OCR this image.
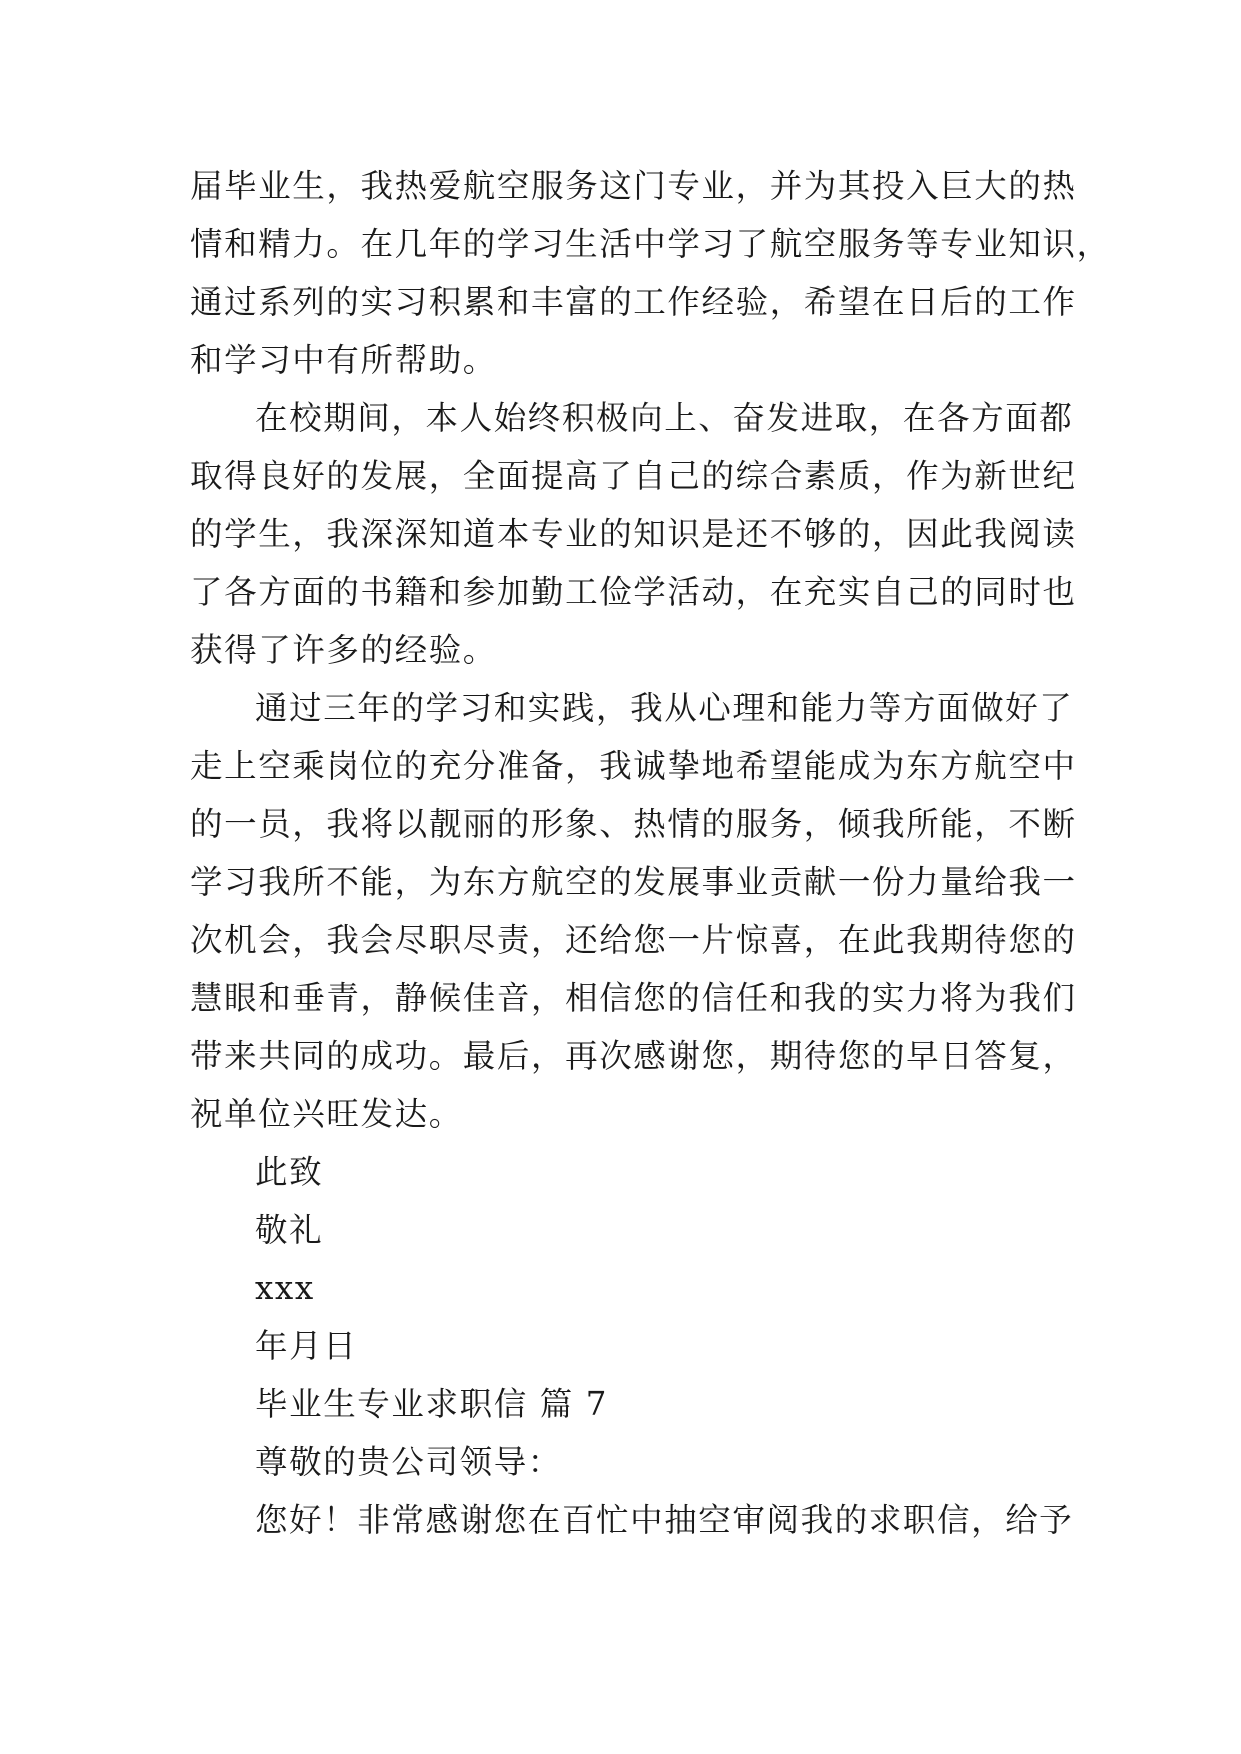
届毕业生，我热爱航空服务这门专业，并为其投入巨大的热
情和精力。在几年的学习生活中学习了航空服务等专业知识，
通过系列的实习积累和丰富的工作经验，希望在日后的工作
和学习中有所帮助。
在校期间，本人始终积极向上、奋发进取，在各方面都
取得良好的发展，全面提高了自己的综合素质，作为新世纪
的学生，我深深知道本专业的知识是还不够的，因此我阅读
了各方面的书籍和参加勤工俭学活动，在充实自己的同时也
获得了许多的经验。
通过三年的学习和实践，我从心理和能力等方面做好了
走上空乘岗位的充分准备，我诚挚地希望能成为东方航空中
的一员，我将以靓丽的形象、热情的服务，倾我所能，不断
学习我所不能，为东方航空的发展事业贡献一份力量给我一
次机会，我会尽职尽责，还给您一片惊喜，在此我期待您的
慧眼和垂青，静候佳音，相信您的信任和我的实力将为我们
带来共同的成功。最后，再次感谢您，期待您的早日答复，
祝单位兴旺发达。
此致
敬礼
xxx
年月日
毕业生专业求职信 篇 7
尊敬的贵公司领导：
您好！非常感谢您在百忙中抽空审阅我的求职信，给予
